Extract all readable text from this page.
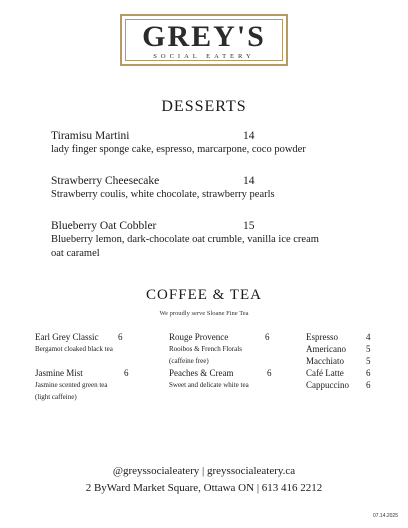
GREY'S
SOCIAL EATERY
DESSERTS
Tiramisu Martini	14
lady finger sponge cake, espresso, marcarpone, coco powder
Strawberry Cheesecake	14
Strawberry coulis, white chocolate, strawberry pearls
Blueberry Oat Cobbler	15
Blueberry lemon, dark-chocolate oat crumble, vanilla ice cream
oat caramel
COFFEE & TEA
We proudly serve Sloane Fine Tea
Earl Grey Classic 6
Bergamot cloaked black tea
Jasmine Mist	6
Jasmine scented green tea
(light caffeine)
Rouge Provence	6
Rooibos & French Florals
(caffeine free)
Peaches & Cream	6
Sweet and delicate white tea
Espresso	4
Americano 5
Macchiato 5
Café Latte 6
Cappuccino 6
@greyssocialeatery | greyssocialeatery.ca
2 ByWard Market Square, Ottawa ON | 613 416 2212
07.14.2025
